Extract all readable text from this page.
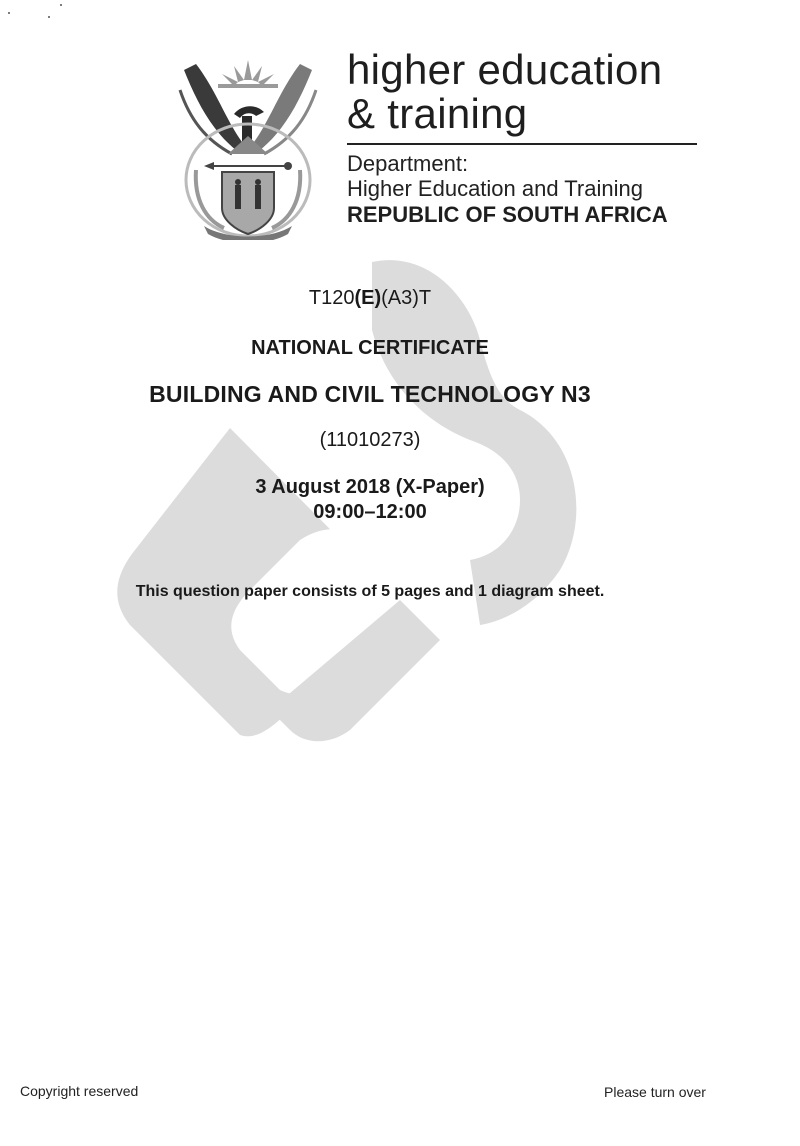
higher education
& training
Department:
Higher Education and Training
REPUBLIC OF SOUTH AFRICA
T120(E)(A3)T
NATIONAL CERTIFICATE
BUILDING AND CIVIL TECHNOLOGY N3
(11010273)
3 August 2018 (X-Paper)
09:00–12:00
This question paper consists of 5 pages and 1 diagram sheet.
Copyright reserved	Please turn over
